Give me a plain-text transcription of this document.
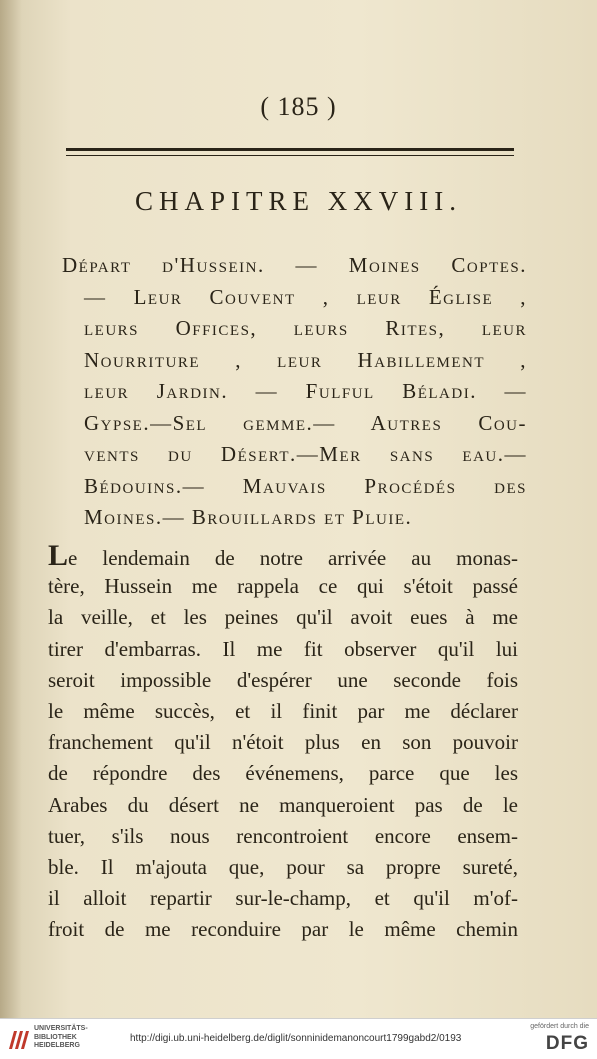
( 185 )
CHAPITRE XXVIII.
Départ d'Hussein. — Moines Coptes.
— Leur Couvent , leur Église ,
leurs Offices, leurs Rites, leur
Nourriture , leur Habillement ,
leur Jardin. — Fulful Béladi. —
Gypse.—Sel gemme.— Autres Cou-
vents du Désert.—Mer sans eau.—
Bédouins.— Mauvais Procédés des
Moines.— Brouillards et Pluie.
Le lendemain de notre arrivée au monas-
tère, Hussein me rappela ce qui s'étoit passé
la veille, et les peines qu'il avoit eues à me
tirer d'embarras. Il me fit observer qu'il lui
seroit impossible d'espérer une seconde fois
le même succès, et il finit par me déclarer
franchement qu'il n'étoit plus en son pouvoir
de répondre des événemens, parce que les
Arabes du désert ne manqueroient pas de le
tuer, s'ils nous rencontroient encore ensem-
ble. Il m'ajouta que, pour sa propre sureté,
il alloit repartir sur-le-champ, et qu'il m'of-
froit de me reconduire par le même chemin
UNIVERSITÄTS-
BIBLIOTHEK
HEIDELBERG
http://digi.ub.uni-heidelberg.de/diglit/sonninidemanoncourt1799gabd2/0193
gefördert durch die
DFG
